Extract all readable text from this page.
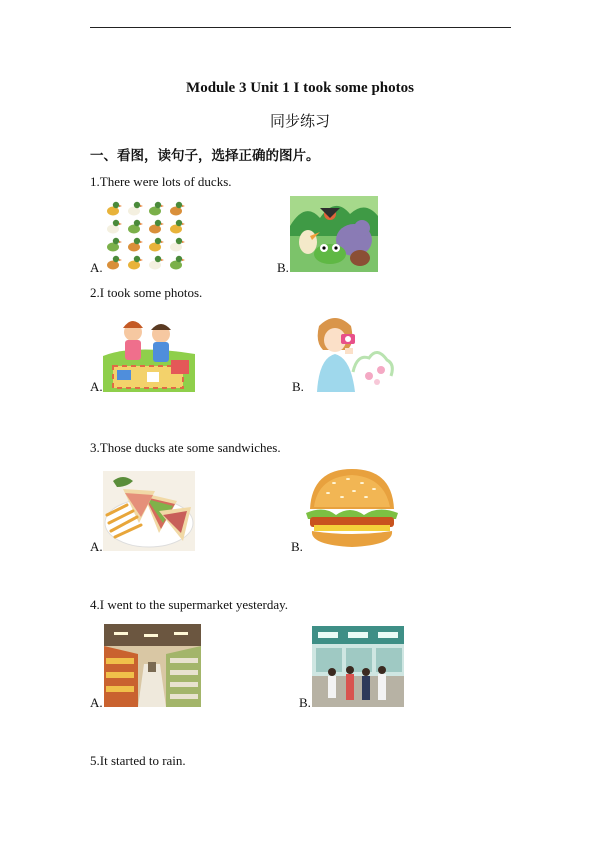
Module 3 Unit 1 I took some photos
同步练习
一、看图，读句子，选择正确的图片。
1.There were lots of ducks.
A.	B.
2.I took some photos.
A.	B.
3.Those ducks ate some sandwiches.
A.	B.
4.I went to the supermarket yesterday.
A.	B.
5.It started to rain.
